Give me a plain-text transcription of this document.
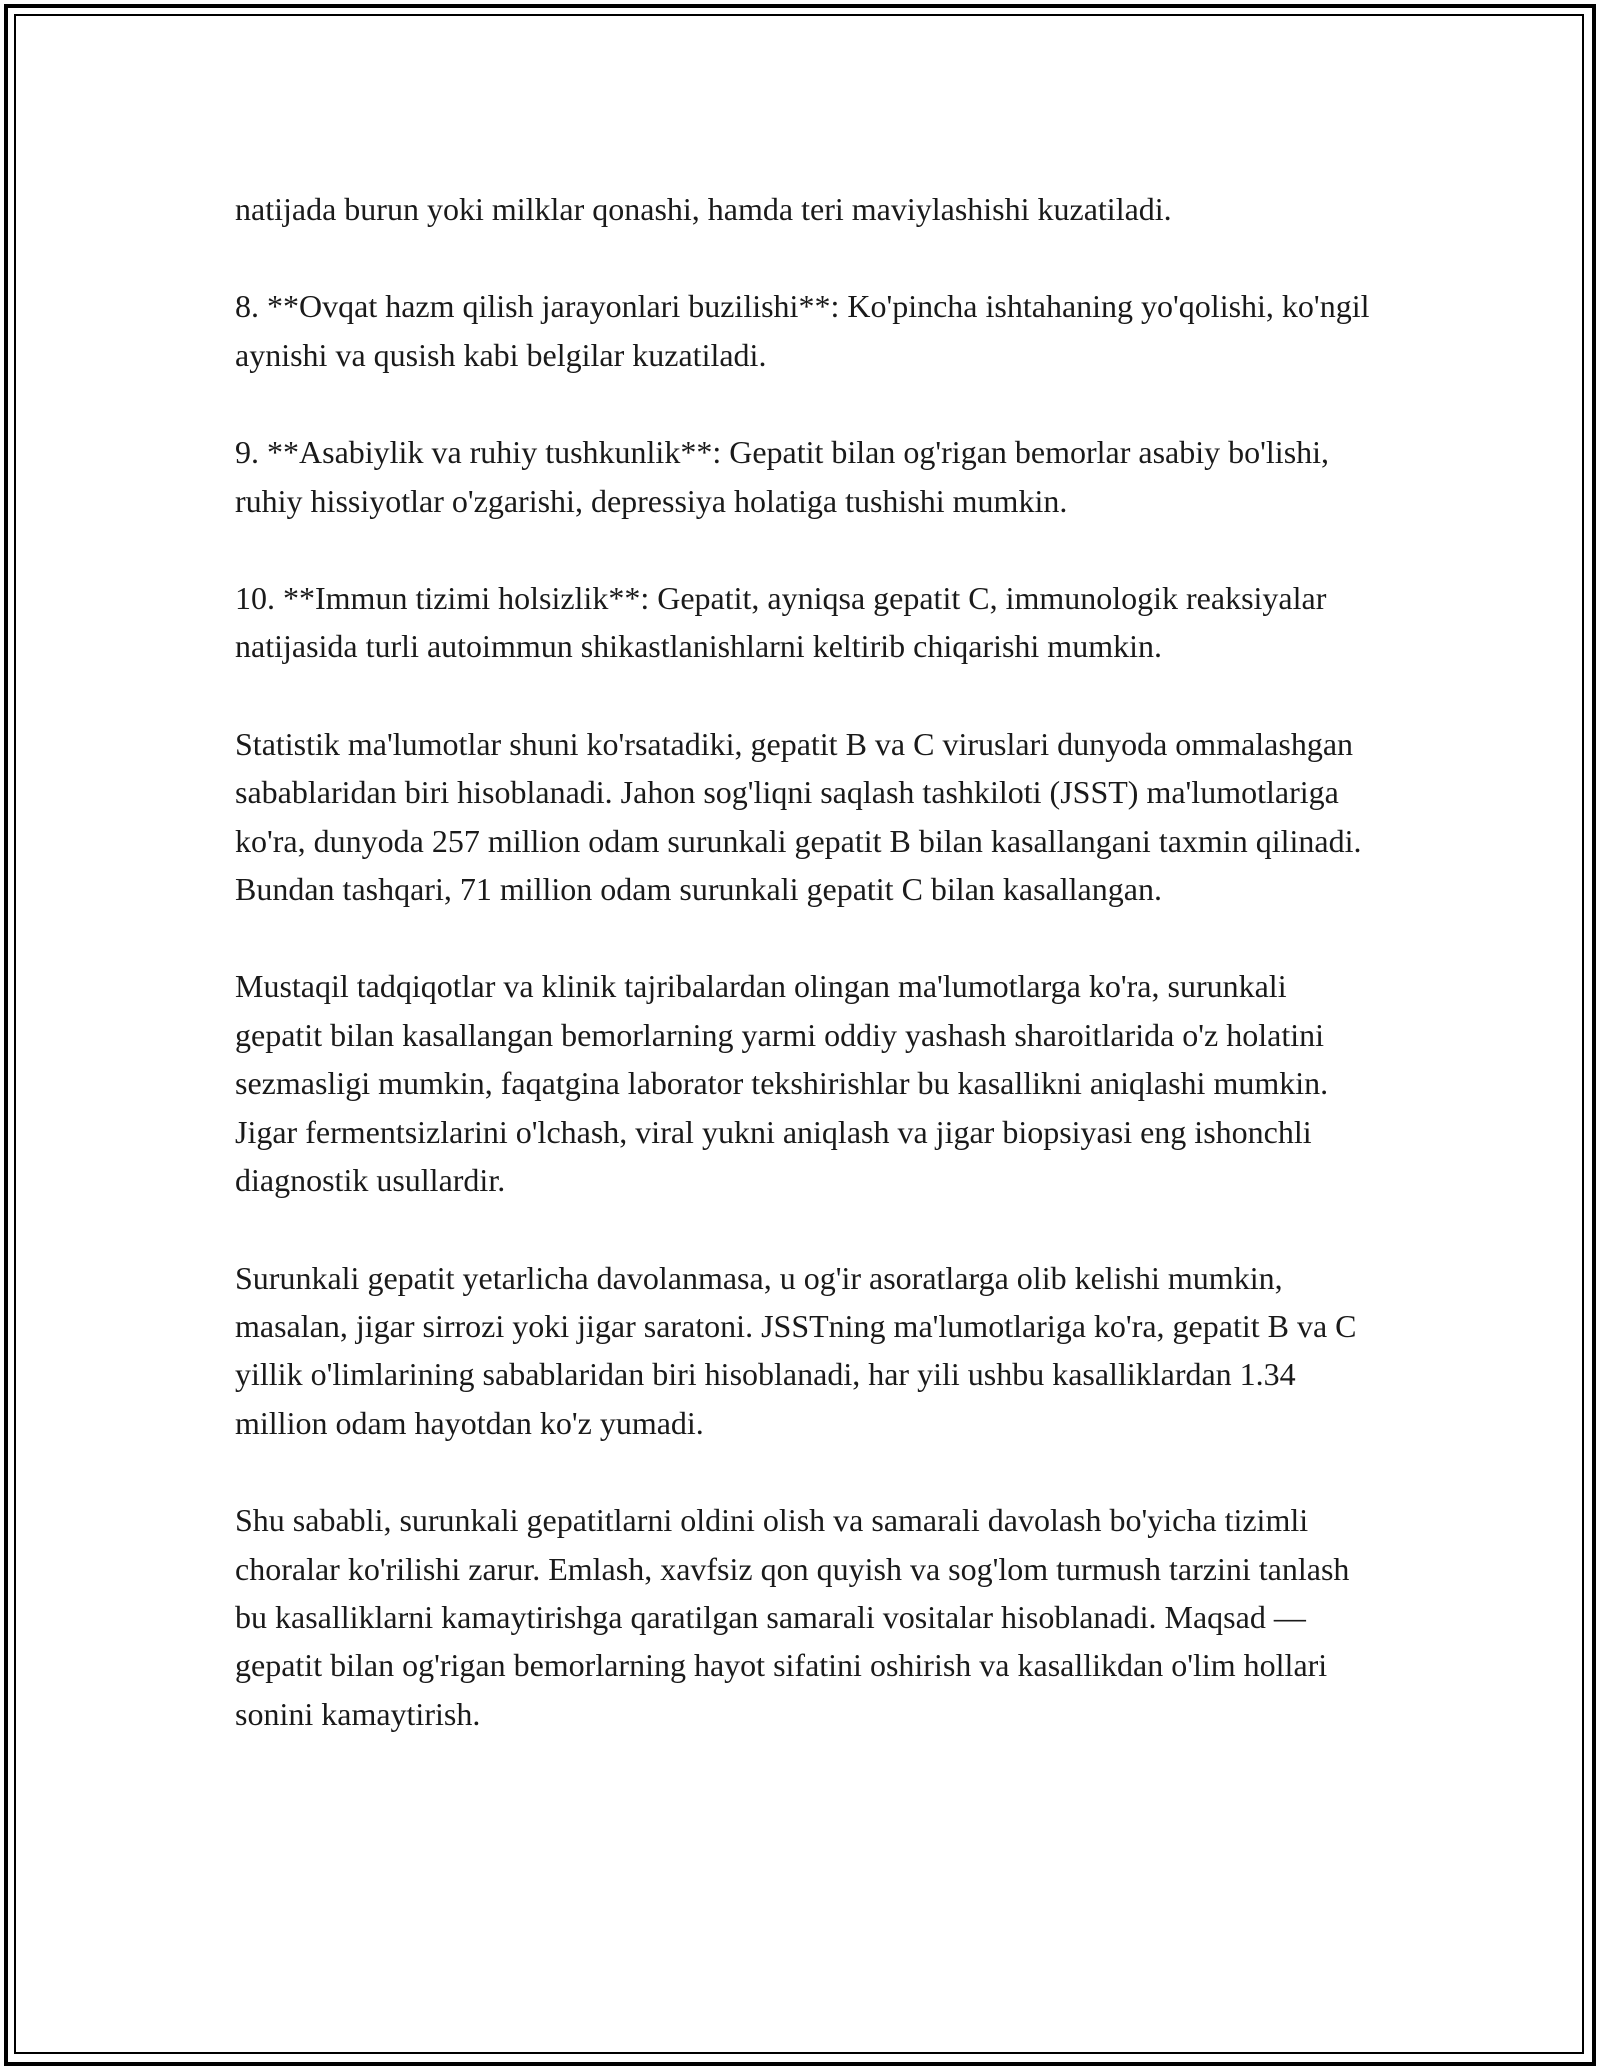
natijada burun yoki milklar qonashi, hamda teri maviylashishi kuzatiladi.

8. **Ovqat hazm qilish jarayonlari buzilishi**: Ko'pincha ishtahaning yo'qolishi, ko'ngil aynishi va qusish kabi belgilar kuzatiladi.

9. **Asabiylik va ruhiy tushkunlik**: Gepatit bilan og'rigan bemorlar asabiy bo'lishi, ruhiy hissiyotlar o'zgarishi, depressiya holatiga tushishi mumkin.

10. **Immun tizimi holsizlik**: Gepatit, ayniqsa gepatit C, immunologik reaksiyalar natijasida turli autoimmun shikastlanishlarni keltirib chiqarishi mumkin.

Statistik ma'lumotlar shuni ko'rsatadiki, gepatit B va C viruslari dunyoda ommalashgan sabablaridan biri hisoblanadi. Jahon sog'liqni saqlash tashkiloti (JSST) ma'lumotlariga ko'ra, dunyoda 257 million odam surunkali gepatit B bilan kasallangani taxmin qilinadi. Bundan tashqari, 71 million odam surunkali gepatit C bilan kasallangan.

Mustaqil tadqiqotlar va klinik tajribalardan olingan ma'lumotlarga ko'ra, surunkali gepatit bilan kasallangan bemorlarning yarmi oddiy yashash sharoitlarida o'z holatini sezmasligi mumkin, faqatgina laborator tekshirishlar bu kasallikni aniqlashi mumkin. Jigar fermentsizlarini o'lchash, viral yukni aniqlash va jigar biopsiyasi eng ishonchli diagnostik usullardir.

Surunkali gepatit yetarlicha davolanmasa, u og'ir asoratlarga olib kelishi mumkin, masalan, jigar sirrozi yoki jigar saratoni. JSSTning ma'lumotlariga ko'ra, gepatit B va C yillik o'limlarining sabablaridan biri hisoblanadi, har yili ushbu kasalliklardan 1.34 million odam hayotdan ko'z yumadi.

Shu sababli, surunkali gepatitlarni oldini olish va samarali davolash bo'yicha tizimli choralar ko'rilishi zarur. Emlash, xavfsiz qon quyish va sog'lom turmush tarzini tanlash bu kasalliklarni kamaytirishga qaratilgan samarali vositalar hisoblanadi. Maqsad — gepatit bilan og'rigan bemorlarning hayot sifatini oshirish va kasallikdan o'lim hollari sonini kamaytirish.
